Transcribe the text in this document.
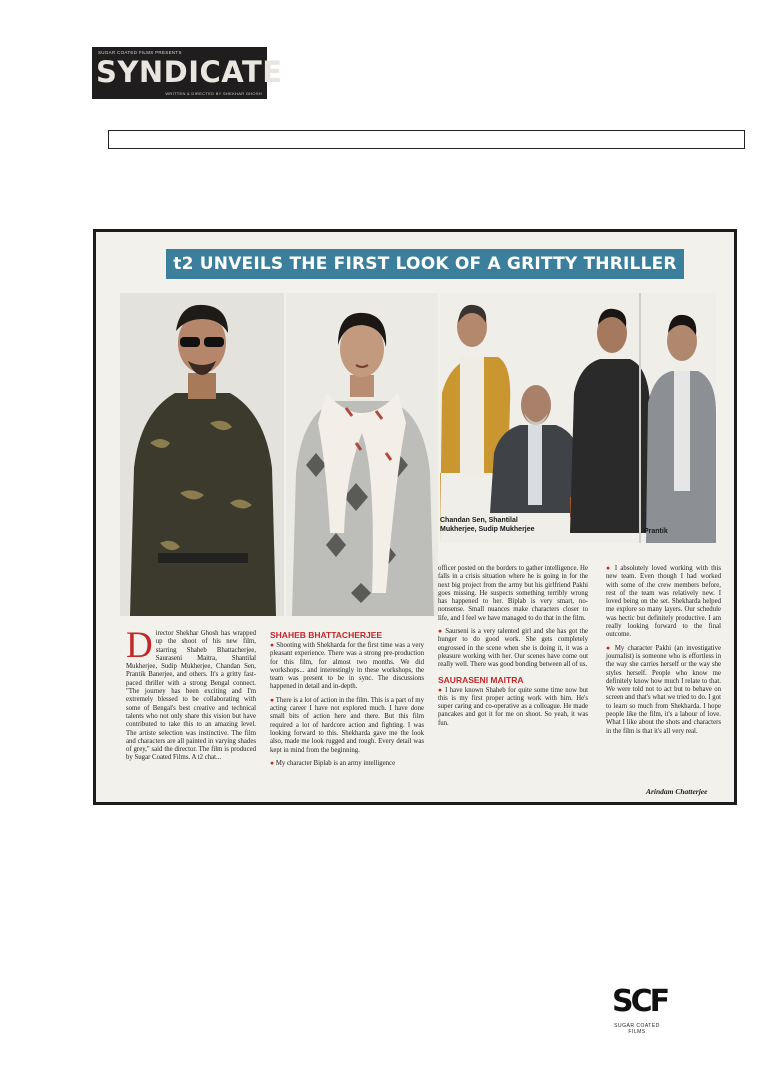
SUGAR COATED FILMS PRESENTS
SYNDICATE
WRITTEN & DIRECTED BY SHEKHAR GHOSH
t2 UNVEILS THE FIRST LOOK OF A GRITTY THRILLER
Chandan Sen, Shantilal Mukherjee, Sudip Mukherjee	Prantik
D irector Shekhar Ghosh has wrapped up the shoot of his new film, starring Shaheb Bhattacherjee, Sauraseni Maitra, Shantilal Mukherjee, Sudip Mukherjee, Chandan Sen, Prantik Banerjee, and others. It's a gritty fast-paced thriller with a strong Bengal connect. "The journey has been exciting and I'm extremely blessed to be collaborating with some of Bengal's best creative and technical talents who not only share this vision but have contributed to take this to an amazing level. The artiste selection was instinctive. The film and characters are all painted in varying shades of grey," said the director. The film is produced by Sugar Coated Films. A t2 chat...
SHAHEB BHATTACHERJEE

● Shooting with Shekharda for the first time was a very pleasant experience. There was a strong pre-production for this film, for almost two months. We did workshops... and interestingly in these workshops, the team was present to be in sync. The discussions happened in detail and in-depth.

● There is a lot of action in the film. This is a part of my acting career I have not explored much. I have done small bits of action here and there. But this film required a lot of hardcore action and fighting. I was looking forward to this. Shekharda gave me the look also, made me look rugged and rough. Every detail was kept in mind from the beginning.

● My character Biplab is an army intelligence

officer posted on the borders to gather intelligence. He falls in a crisis situation where he is going in for the next big project from the army but his girlfriend Pakhi goes missing. He suspects something terribly wrong has happened to her. Biplab is very smart, no-nonsense. Small nuances make characters closer to life, and I feel we have managed to do that in the film.

● Saurseni is a very talented girl and she has got the hunger to do good work. She gets completely engrossed in the scene when she is doing it, it was a pleasure working with her. Our scenes have come out really well. There was good bonding between all of us.

SAURASENI MAITRA

● I have known Shaheb for quite some time now but this is my first proper acting work with him. He's super caring and co-operative as a colleague. He made pancakes and got it for me on shoot. So yeah, it was fun.

● I absolutely loved working with this new team. Even though I had worked with some of the crew members before, rest of the team was relatively new. I loved being on the set. Shekharda helped me explore so many layers. Our schedule was hectic but definitely productive. I am really looking forward to the final outcome.

● My character Pakhi (an investigative journalist) is someone who is effortless in the way she carries herself or the way she styles herself. People who know me definitely know how much I relate to that. We were told not to act but to behave on screen and that's what we tried to do. I got to learn so much from Shekharda. I hope people like the film, it's a labour of love. What I like about the shots and characters in the film is that it's all very real.

Arindam Chatterjee
SCF
SUGAR COATED FILMS
